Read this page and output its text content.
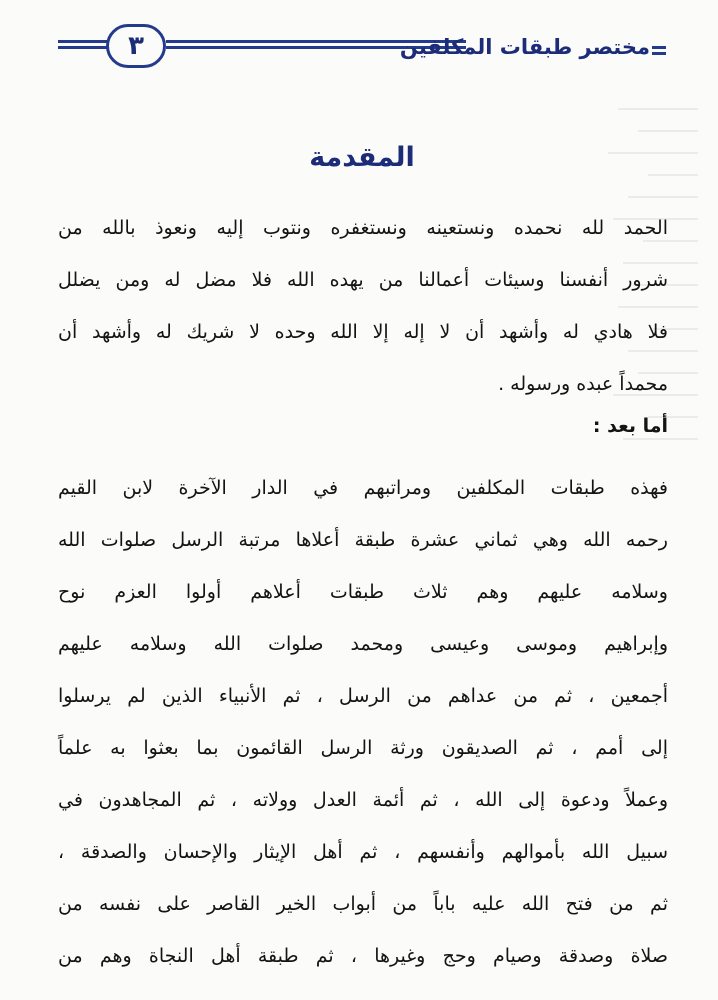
٣	مختصر طبقات المكلفين
المقدمة
الحمد لله نحمده ونستعينه ونستغفره ونتوب إليه ونعوذ بالله من
شرور أنفسنا وسيئات أعمالنا من يهده الله فلا مضل له ومن يضلل
فلا هادي له وأشهد أن لا إله إلا الله وحده لا شريك له وأشهد أن
محمداً عبده ورسوله .
أما بعد :
فهذه طبقات المكلفين ومراتبهم في الدار الآخرة لابن القيم
رحمه الله وهي ثماني عشرة طبقة أعلاها مرتبة الرسل صلوات الله
وسلامه عليهم وهم ثلاث طبقات أعلاهم أولوا العزم نوح
وإبراهيم وموسى وعيسى ومحمد صلوات الله وسلامه عليهم
أجمعين ، ثم من عداهم من الرسل ، ثم الأنبياء الذين لم يرسلوا
إلى أمم ، ثم الصديقون ورثة الرسل القائمون بما بعثوا به علماً
وعملاً ودعوة إلى الله ، ثم أئمة العدل وولاته ، ثم المجاهدون في
سبيل الله بأموالهم وأنفسهم ، ثم أهل الإيثار والإحسان والصدقة ،
ثم من فتح الله عليه باباً من أبواب الخير القاصر على نفسه من
صلاة وصدقة وصيام وحج وغيرها ، ثم طبقة أهل النجاة وهم من
